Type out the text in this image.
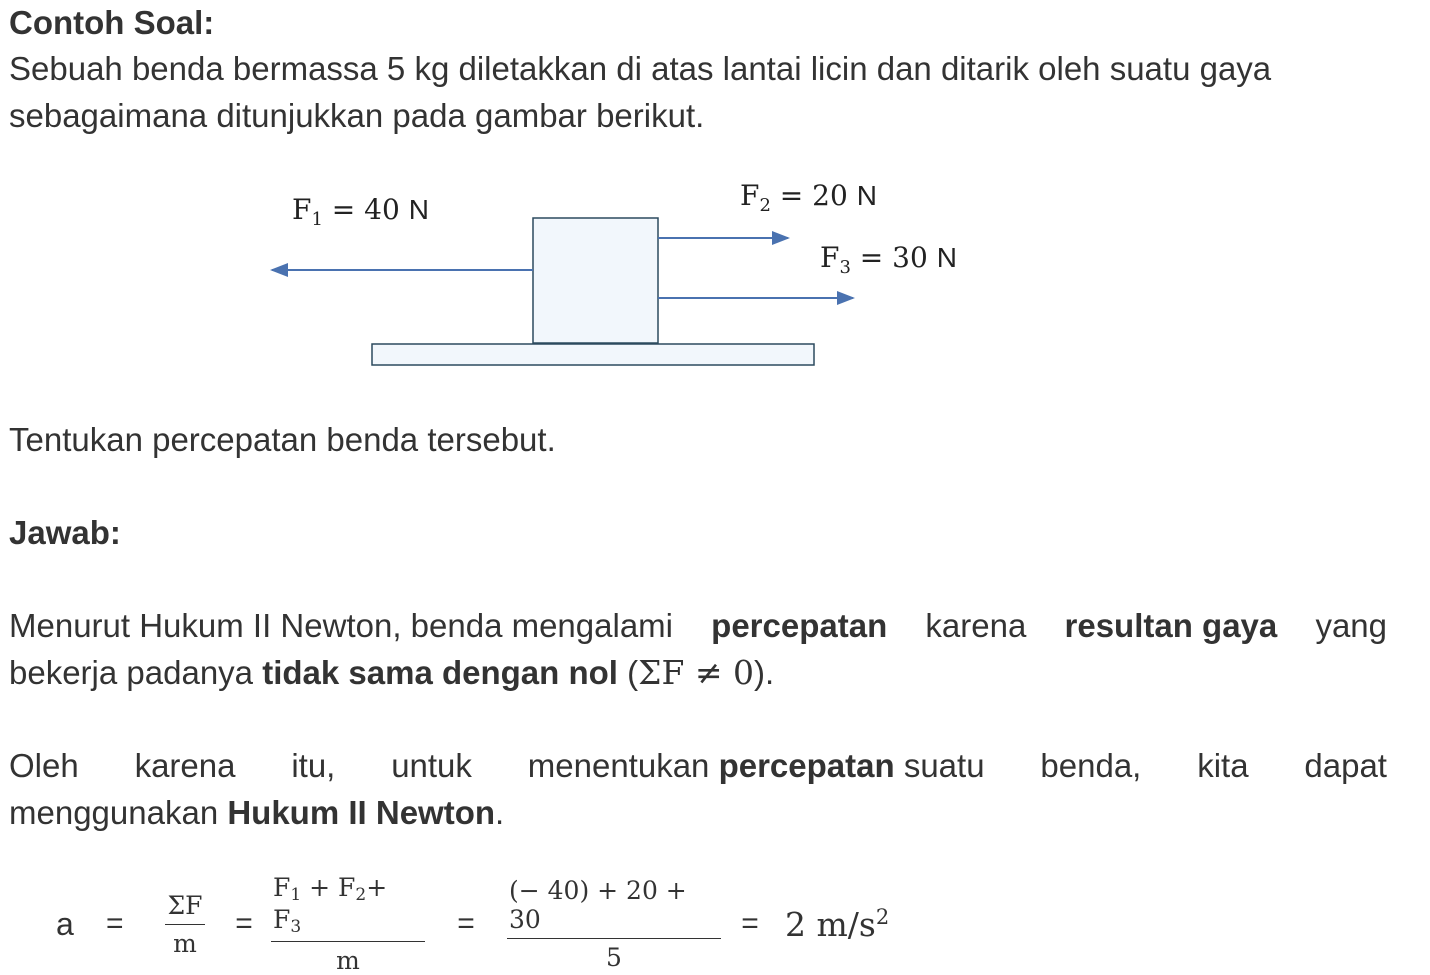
Contoh Soal:
Sebuah benda bermassa 5 kg diletakkan di atas lantai licin dan ditarik oleh suatu gaya
sebagaimana ditunjukkan pada gambar berikut.
$F_1 = 40$ N	$F_2 = 20$ N
$F_3 = 30$ N
Tentukan percepatan benda tersebut.
Jawab:
Menurut Hukum II Newton, benda mengalami percepatan karena resultan gaya yang
bekerja padanya tidak sama dengan nol (ΣF ≠ 0).
Oleh karena itu, untuk menentukan percepatan suatu benda, kita dapat
menggunakan Hukum II Newton.
a	=	$\frac{\Sigma F}{m} = \frac{F_1 + F_2+ F_3}{m}$	=	$\frac{(- 40) + 20 + 30}{5} = 2$ $m/s^2$
